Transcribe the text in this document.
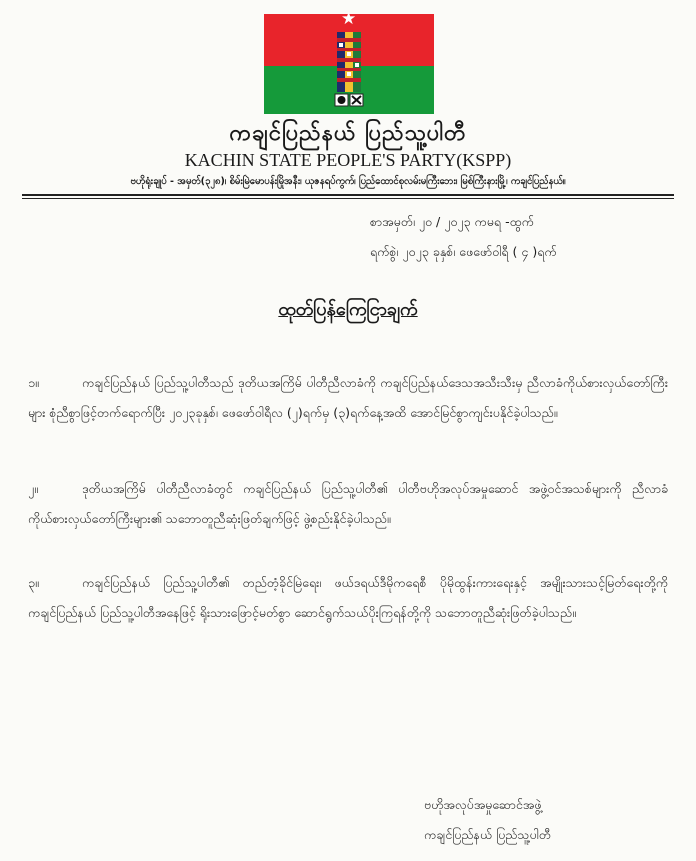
★
ကချင်ပြည်နယ် ပြည်သူ့ပါတီ
KACHIN STATE PEOPLE'S PARTY(KSPP)
ဗဟိုရုံးချုပ် - အမှတ်(၃၂၈)၊ စိမ်းမြဲမောပန်းမြိုအနီး၊ ယုဇနရပ်ကွက်၊ ပြည်ထောင်စုလမ်းမကြီးဘေး၊ မြစ်ကြီးနားမြို့၊ ကချင်ပြည်နယ်။
စာအမှတ်၊ ၂၀ / ၂၀၂၃ ကမရ -ထွက်
ရက်စွဲ၊ ၂၀၂၃ ခုနှစ်၊ ဖေဖော်ဝါရီ ( ၄ )ရက်
ထုတ်ပြန်ကြေငြာချက်
၁။	ကချင်ပြည်နယ် ပြည်သူ့ပါတီသည် ဒုတိယအကြိမ် ပါတီညီလာခံကို ကချင်ပြည်နယ်ဒေသအသီးသီးမှ ညီလာခံကိုယ်စားလှယ်တော်ကြီးများ စုံညီစွာဖြင့်တက်ရောက်ပြီး ၂၀၂၃ခုနှစ်၊ ဖေဖော်ဝါရီလ (၂)ရက်မှ (၃)ရက်နေ့အထိ အောင်မြင်စွာကျင်းပနိုင်ခဲ့ပါသည်။
၂။	ဒုတိယအကြိမ် ပါတီညီလာခံတွင် ကချင်ပြည်နယ် ပြည်သူ့ပါတီ၏ ပါတီဗဟိုအလုပ်အမှုဆောင် အဖွဲ့ဝင်အသစ်များကို ညီလာခံကိုယ်စားလှယ်တော်ကြီးများ၏ သဘောတူညီဆုံးဖြတ်ချက်ဖြင့် ဖွဲ့စည်းနိုင်ခဲ့ပါသည်။
၃။	ကချင်ပြည်နယ် ပြည်သူ့ပါတီ၏ တည်တံ့ခိုင်မြဲရေး၊ ဖယ်ဒရယ်ဒီမိုကရေစီ ပိုမိုထွန်းကားရေးနှင့် အမျိုးသားသင့်မြတ်ရေးတို့ကို ကချင်ပြည်နယ် ပြည်သူ့ပါတီအနေဖြင့် ရိုးသားဖြောင့်မတ်စွာ ဆောင်ရွက်သယ်ပိုးကြရန်တို့ကို သဘောတူညီဆုံးဖြတ်ခဲ့ပါသည်။
ဗဟိုအလုပ်အမှုဆောင်အဖွဲ့
ကချင်ပြည်နယ် ပြည်သူ့ပါတီ
